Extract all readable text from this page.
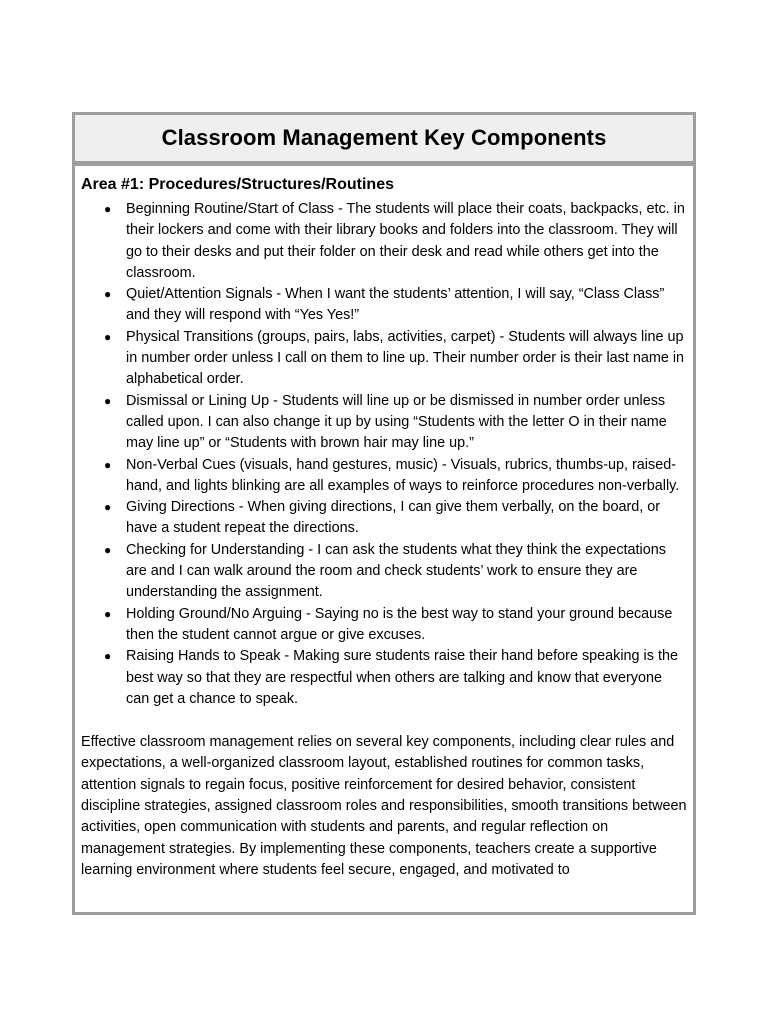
Classroom Management Key Components
Area #1: Procedures/Structures/Routines
● Beginning Routine/Start of Class - The students will place their coats, backpacks, etc. in their lockers and come with their library books and folders into the classroom. They will go to their desks and put their folder on their desk and read while others get into the classroom.
● Quiet/Attention Signals - When I want the students’ attention, I will say, “Class Class” and they will respond with “Yes Yes!”
● Physical Transitions (groups, pairs, labs, activities, carpet) - Students will always line up in number order unless I call on them to line up. Their number order is their last name in alphabetical order.
● Dismissal or Lining Up - Students will line up or be dismissed in number order unless called upon. I can also change it up by using “Students with the letter O in their name may line up” or “Students with brown hair may line up.”
● Non-Verbal Cues (visuals, hand gestures, music) - Visuals, rubrics, thumbs-up, raised-hand, and lights blinking are all examples of ways to reinforce procedures non-verbally.
● Giving Directions - When giving directions, I can give them verbally, on the board, or have a student repeat the directions.
● Checking for Understanding - I can ask the students what they think the expectations are and I can walk around the room and check students’ work to ensure they are understanding the assignment.
● Holding Ground/No Arguing - Saying no is the best way to stand your ground because then the student cannot argue or give excuses.
● Raising Hands to Speak - Making sure students raise their hand before speaking is the best way so that they are respectful when others are talking and know that everyone can get a chance to speak.

Effective classroom management relies on several key components, including clear rules and expectations, a well-organized classroom layout, established routines for common tasks, attention signals to regain focus, positive reinforcement for desired behavior, consistent discipline strategies, assigned classroom roles and responsibilities, smooth transitions between activities, open communication with students and parents, and regular reflection on management strategies. By implementing these components, teachers create a supportive learning environment where students feel secure, engaged, and motivated to
